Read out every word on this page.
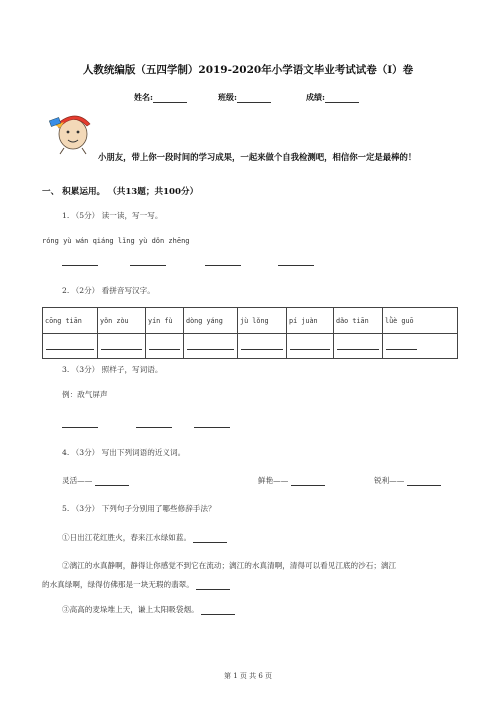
人教统编版（五四学制）2019-2020年小学语文毕业考试试卷（I）卷
姓名:	班级:	成绩:
小朋友，带上你一段时间的学习成果，一起来做个自我检测吧，相信你一定是最棒的！
一、 积累运用。 （共13题；共100分）
1. （5分） 读一读，写一写。
róng yù wán qiáng lǐng yù dǒn zhēng
2. （2分） 看拼音写汉字。
cōng tiān	yǒn zòu	yín fù	dòng yáng	jù lǒng	pí juàn	dǎo tiān	lǜè guō

3. （3分） 照样子，写词语。
例：敌气屏声
4. （3分） 写出下列词语的近义词。
灵活——	鲜艳——	锐利——
5. （3分） 下列句子分别用了哪些修辞手法？
①日出江花红胜火，春来江水绿如蓝。
②漓江的水真静啊，静得让你感觉不到它在流动；漓江的水真清啊，清得可以看见江底的沙石；漓江
的水真绿啊，绿得仿佛那是一块无瑕的翡翠。
③高高的麦垛堆上天，谦上太阳吸袋烟。
第 1 页 共 6 页
